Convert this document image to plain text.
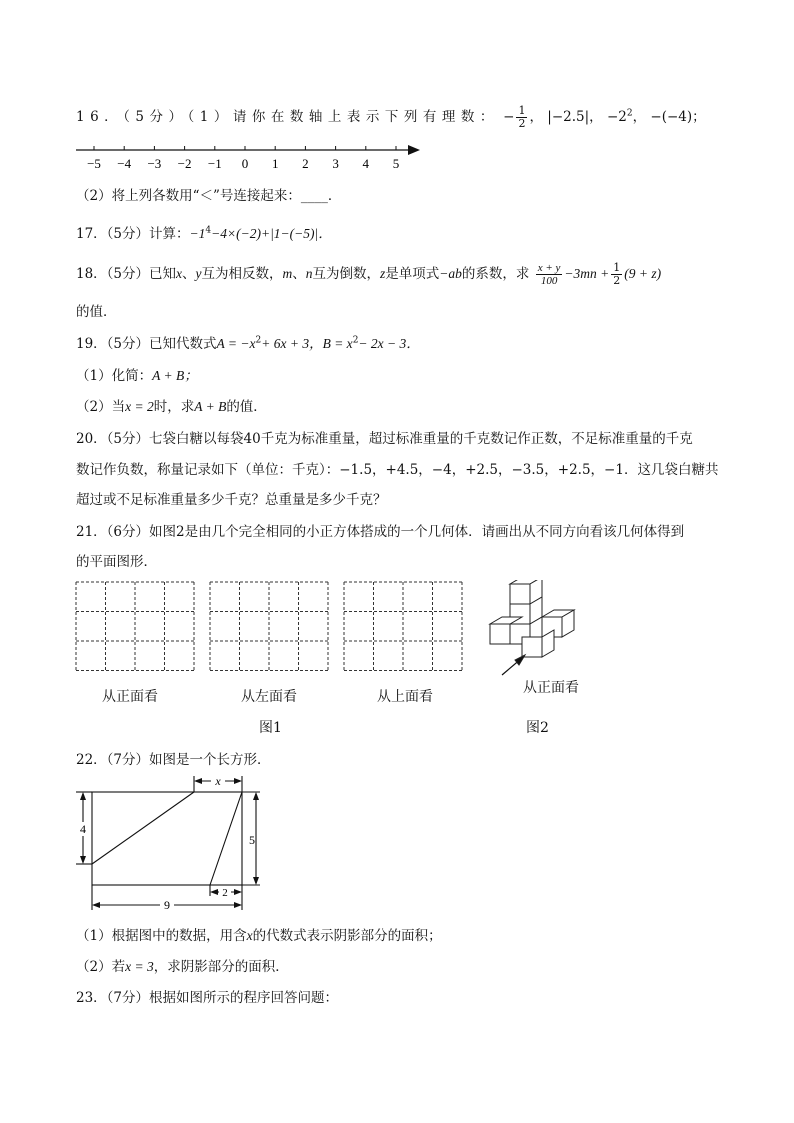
16．（5分）（1）请你在数轴上表示下列有理数： − $\frac{1}{2}$ ， |−2.5|， $-2^2$， −(−4)；
−5 −4 −3 −2 −1 0 1 2 3 4 5
（2）将上列各数用“＜”号连接起来：____．
17．（5分）计算：$-1^4-4\times(-2)+|1-(-5)|$．
18．（5分）已知x、y互为相反数，m、n互为倒数，z是单项式−ab的系数，求 $\frac{x + y}{100} -3mn + \frac{1}{2} (9 + z)$
的值．
19．（5分）已知代数式$A = -x^2+ 6x + 3$，$B = x^2- 2x - 3$．
（1）化简：A + B；
（2）当x = 2时，求A + B的值．
20．（5分）七袋白糖以每袋40千克为标准重量，超过标准重量的千克数记作正数，不足标准重量的千克
数记作负数，称量记录如下（单位：千克）：−1.5，+4.5，−4，+2.5，−3.5，+2.5，−1．这几袋白糖共
超过或不足标准重量多少千克？总重量是多少千克？
21．（6分）如图2是由几个完全相同的小正方体搭成的一个几何体．请画出从不同方向看该几何体得到
的平面图形．
从正面看	从左面看	从上面看
从正面看
图1	图2
22．（7分）如图是一个长方形．
x
4
5
9
2
（1）根据图中的数据，用含x的代数式表示阴影部分的面积；
（2）若x = 3，求阴影部分的面积．
23．（7分）根据如图所示的程序回答问题：
